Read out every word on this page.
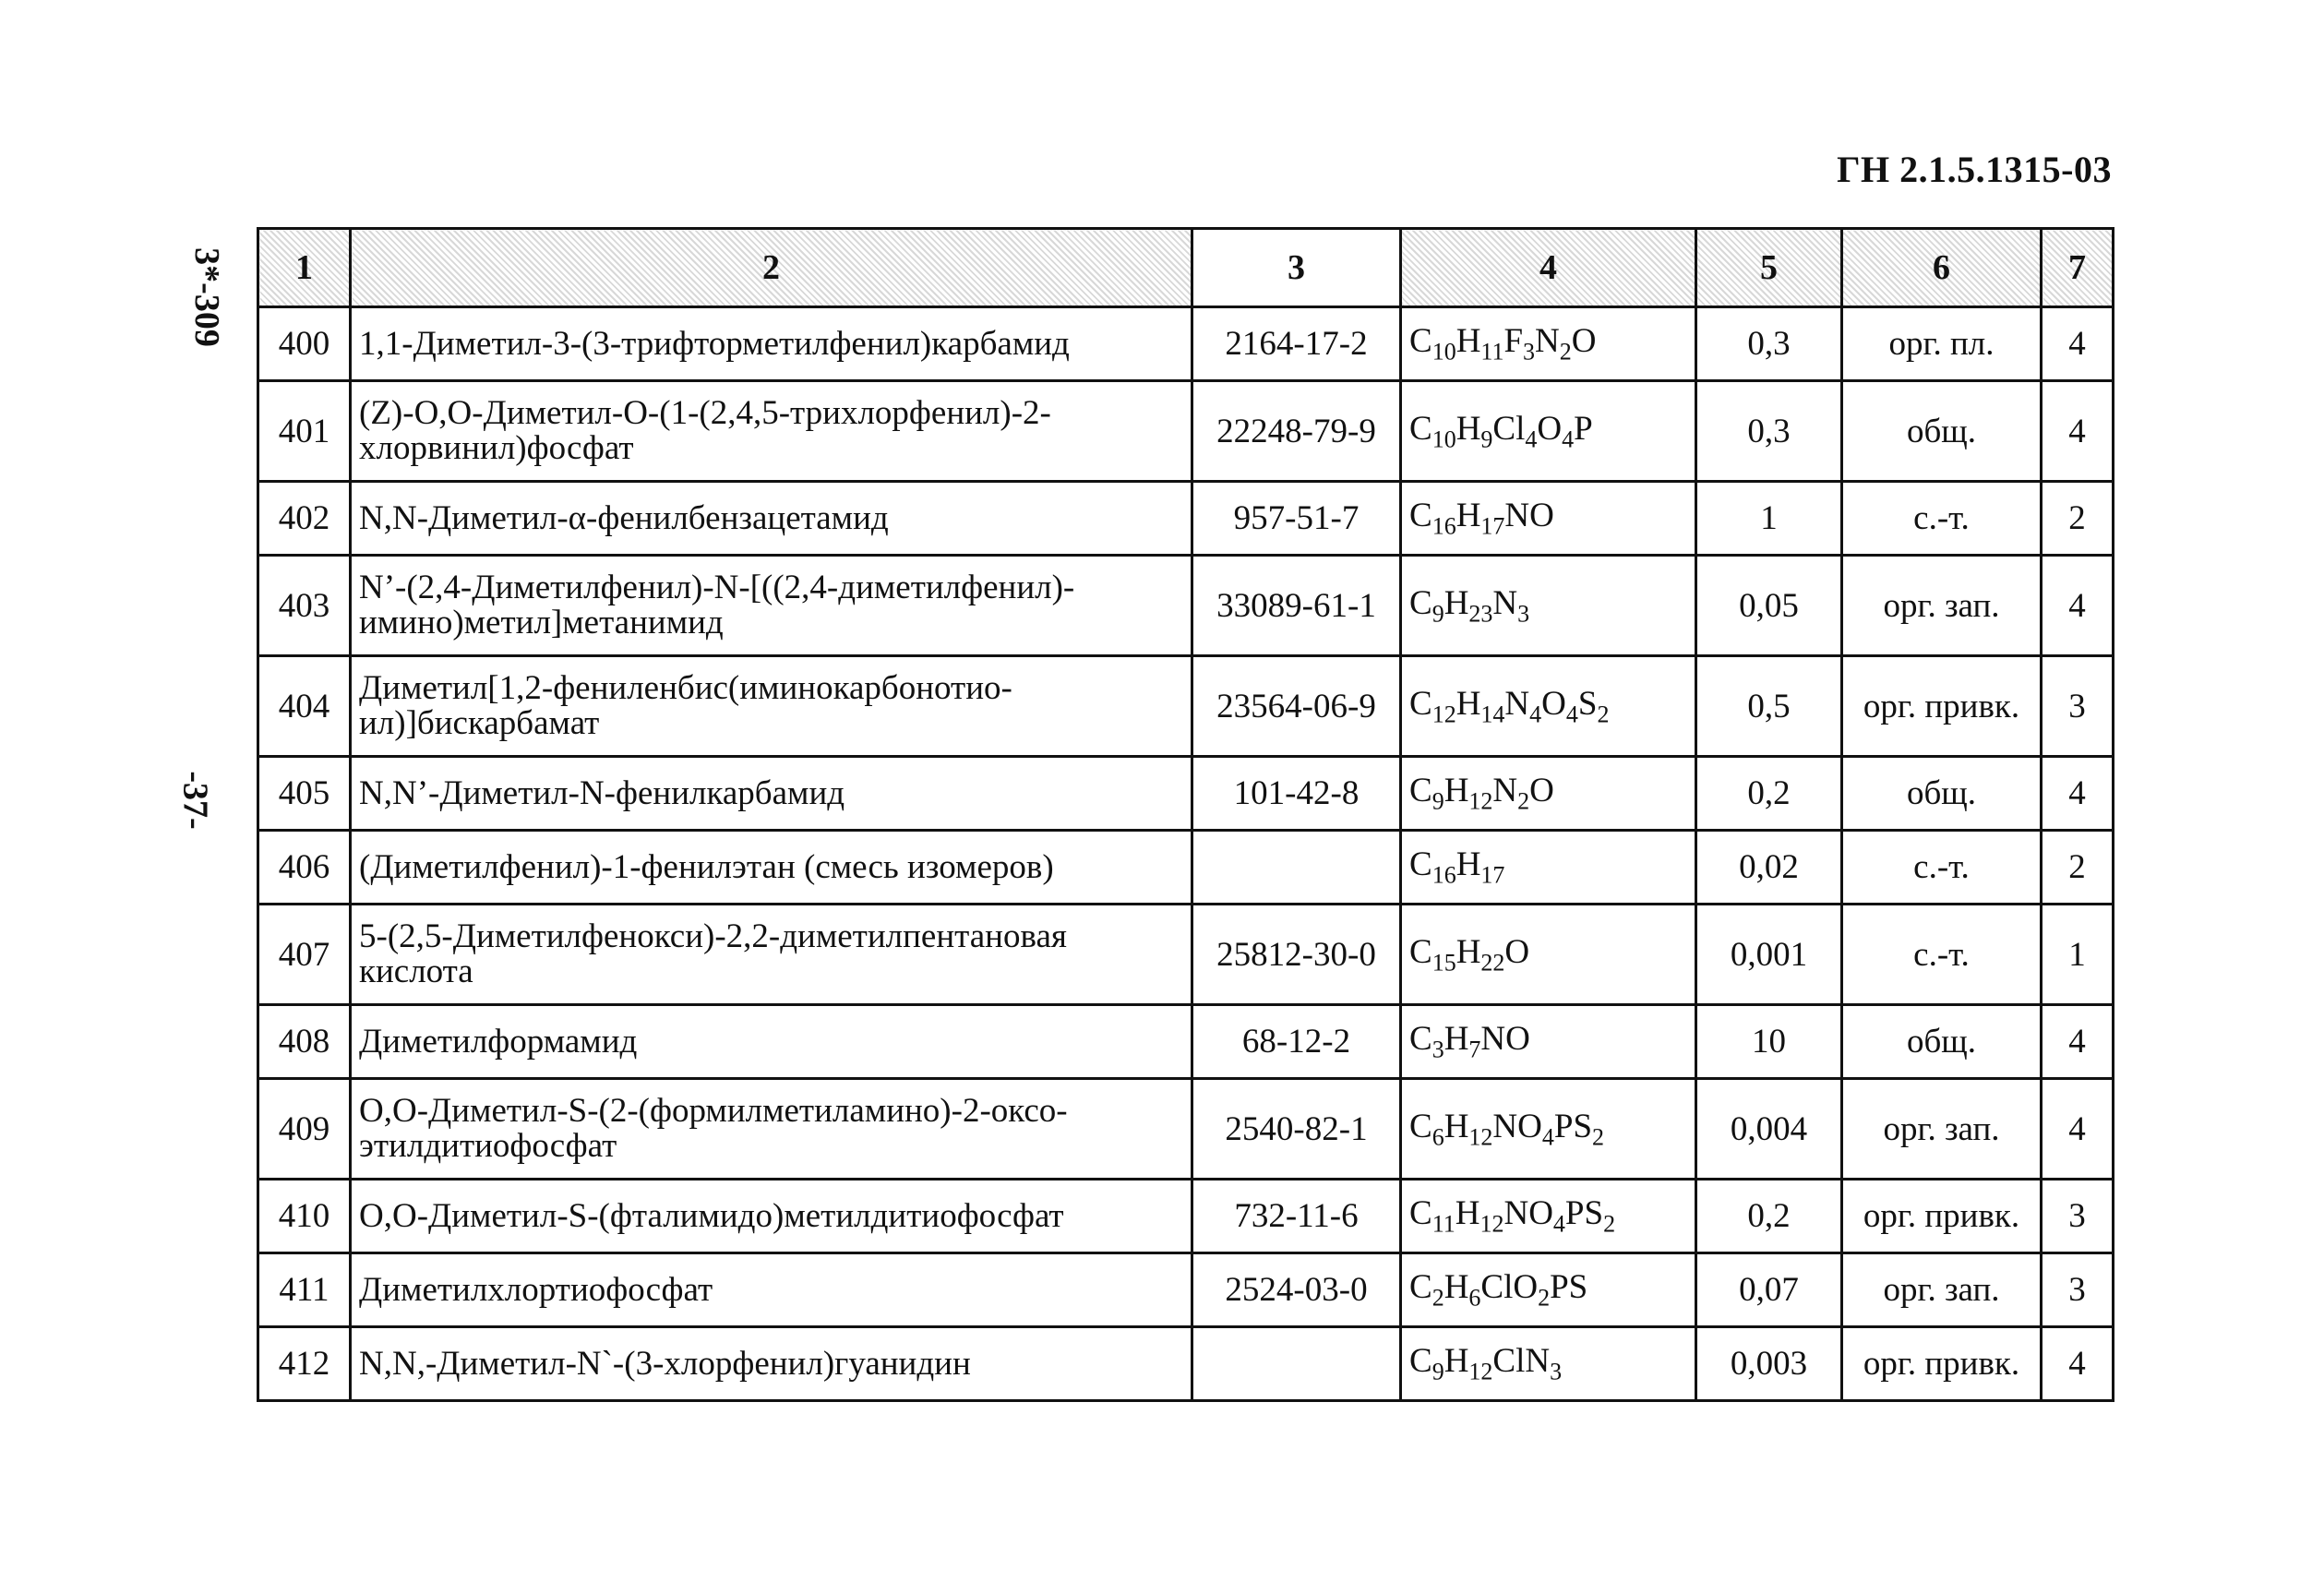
ГН 2.1.5.1315-03
3*-309
-37-
1	2	3	4	5	6	7
400	1,1-Диметил-3-(3-трифторметилфенил)карбамид	2164-17-2	$C_{10}H_{11}F_3N_2O$	0,3	орг. пл.	4
401	(Z)-O,O-Диметил-O-(1-(2,4,5-трихлорфенил)-2-хлорвинил)фосфат	22248-79-9	$C_{10}H_9Cl_4O_4P$	0,3	общ.	4
402	N,N-Диметил-α-фенилбензацетамид	957-51-7	$C_{16}H_{17}NO$	1	с.-т.	2
403	N’-(2,4-Диметилфенил)-N-[((2,4-диметилфенил)-имино)метил]метанимид	33089-61-1	$C_9H_{23}N_3$	0,05	орг. зап.	4
404	Диметил[1,2-фениленбис(иминокарбонотио-ил)]бискарбамат	23564-06-9	$C_{12}H_{14}N_4O_4S_2$	0,5	орг. привк.	3
405	N,N’-Диметил-N-фенилкарбамид	101-42-8	$C_9H_{12}N_2O$	0,2	общ.	4
406	(Диметилфенил)-1-фенилэтан (смесь изомеров)		$C_{16}H_{17}$	0,02	с.-т.	2
407	5-(2,5-Диметилфенокси)-2,2-диметилпентановая кислота	25812-30-0	$C_{15}H_{22}O$	0,001	с.-т.	1
408	Диметилформамид	68-12-2	$C_3H_7NO$	10	общ.	4
409	O,O-Диметил-S-(2-(формилметиламино)-2-оксо-этилдитиофосфат	2540-82-1	$C_6H_{12}NO_4PS_2$	0,004	орг. зап.	4
410	O,O-Диметил-S-(фталимидо)метилдитиофосфат	732-11-6	$C_{11}H_{12}NO_4PS_2$	0,2	орг. привк.	3
411	Диметилхлортиофосфат	2524-03-0	$C_2H_6ClO_2PS$	0,07	орг. зап.	3
412	N,N,-Диметил-N`-(3-хлорфенил)гуанидин		$C_9H_{12}ClN_3$	0,003	орг. привк.	4
